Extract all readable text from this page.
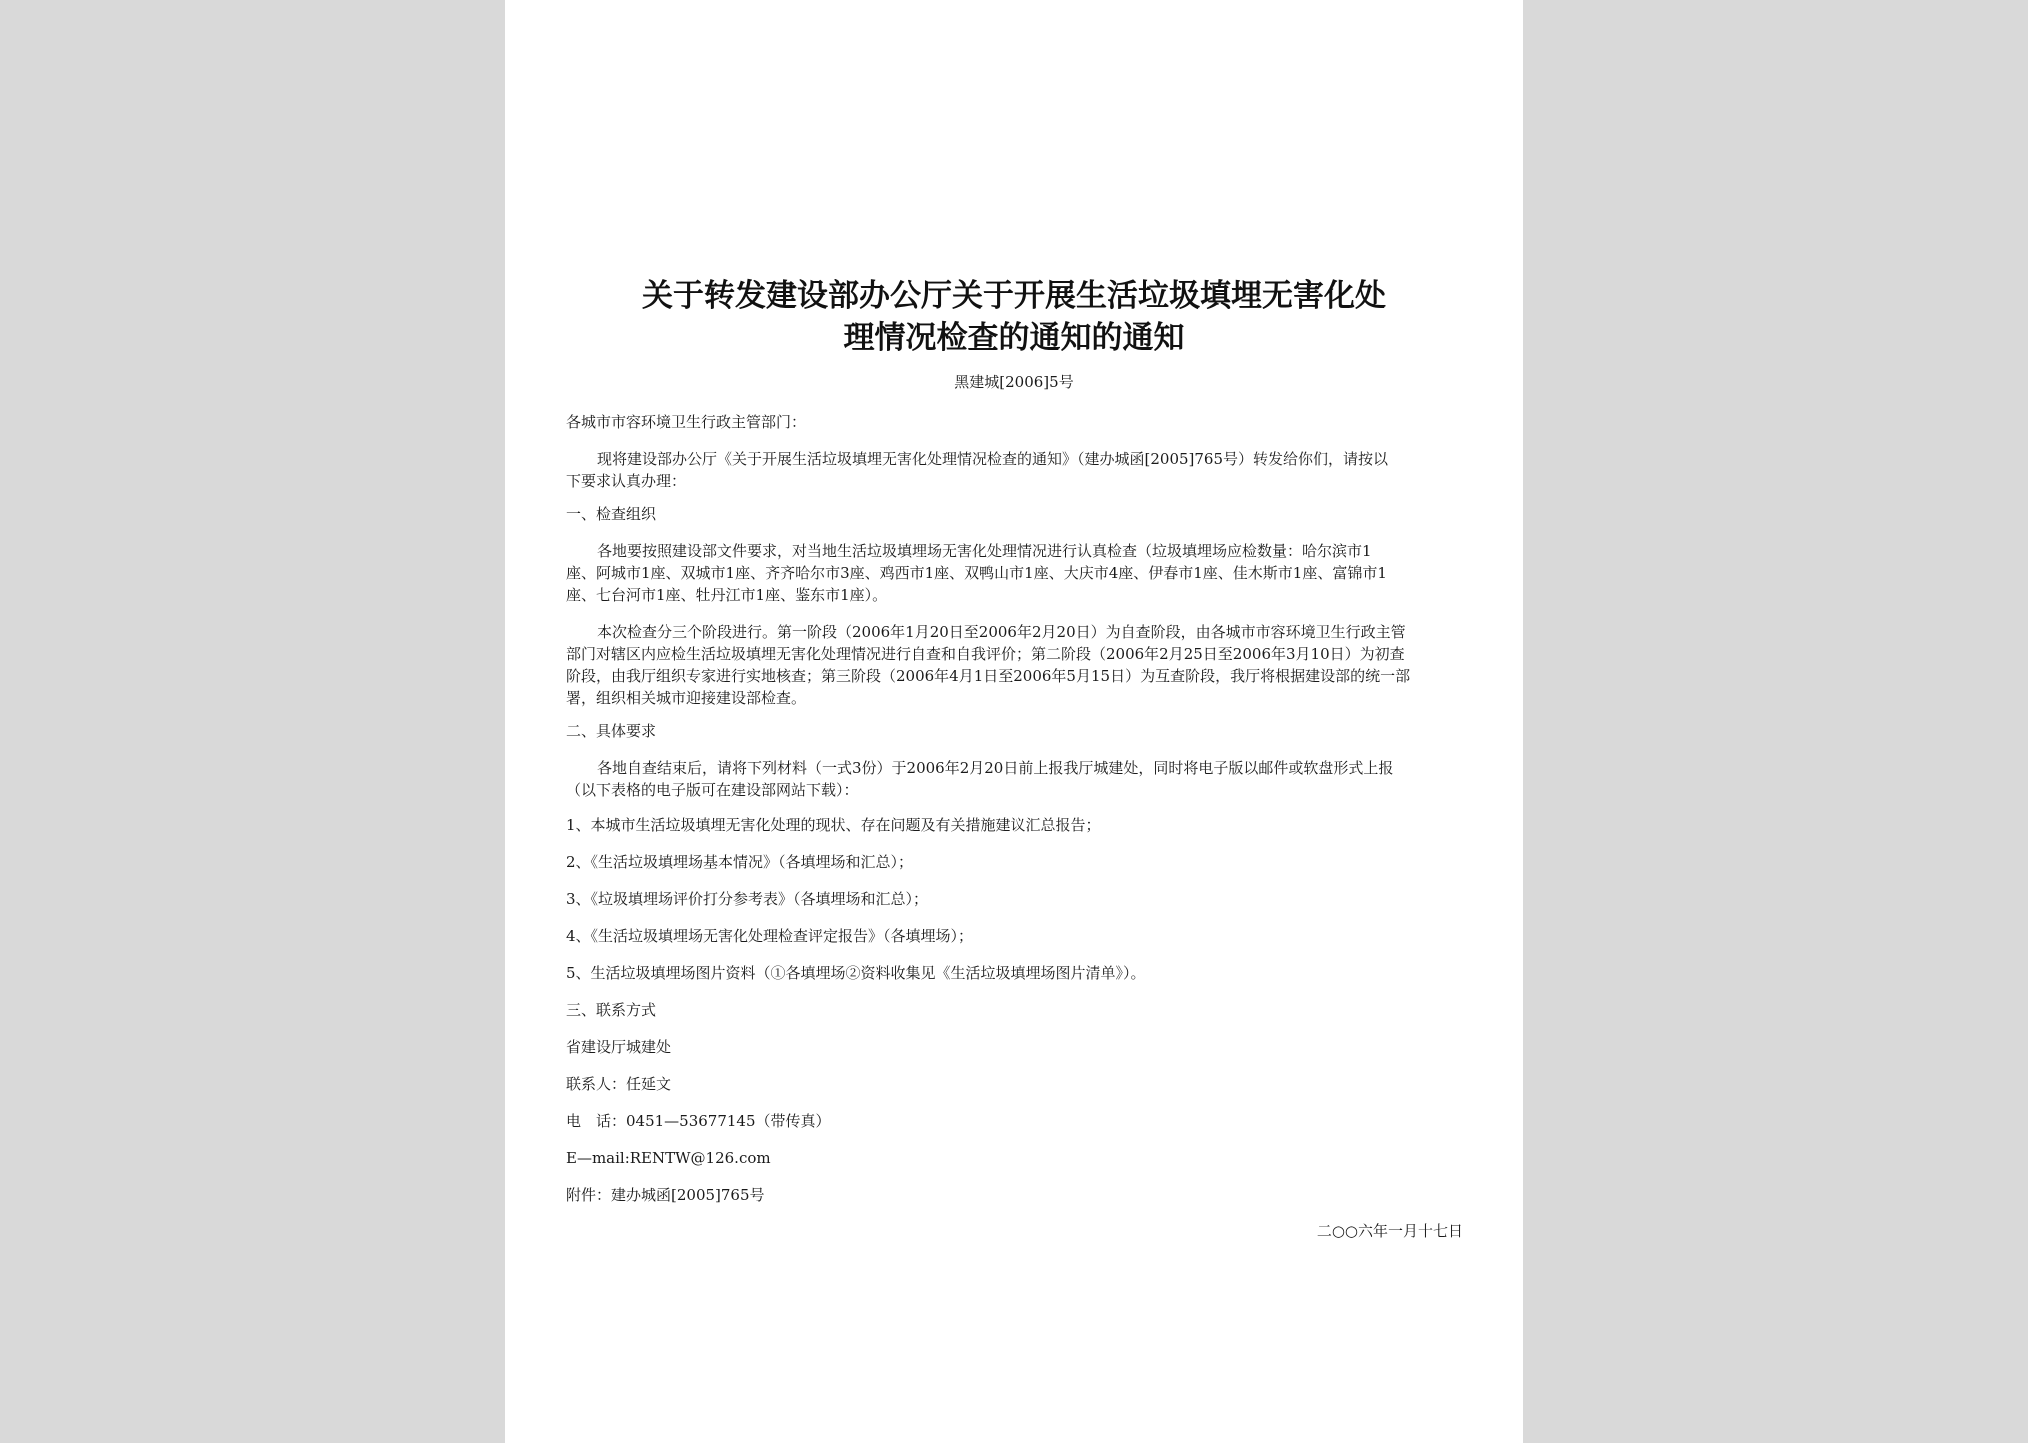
关于转发建设部办公厅关于开展生活垃圾填埋无害化处
理情况检查的通知的通知
黑建城[2006]5号

各城市市容环境卫生行政主管部门：

现将建设部办公厅《关于开展生活垃圾填埋无害化处理情况检查的通知》（建办城函[2005]765号）转发给你们，请按以

下要求认真办理：

一、检查组织

各地要按照建设部文件要求，对当地生活垃圾填埋场无害化处理情况进行认真检查（垃圾填埋场应检数量：哈尔滨市1

座、阿城市1座、双城市1座、齐齐哈尔市3座、鸡西市1座、双鸭山市1座、大庆市4座、伊春市1座、佳木斯市1座、富锦市1

座、七台河市1座、牡丹江市1座、鉴东市1座）。

本次检查分三个阶段进行。第一阶段（2006年1月20日至2006年2月20日）为自查阶段，由各城市市容环境卫生行政主管

部门对辖区内应检生活垃圾填埋无害化处理情况进行自查和自我评价；第二阶段（2006年2月25日至2006年3月10日）为初查

阶段，由我厅组织专家进行实地核查；第三阶段（2006年4月1日至2006年5月15日）为互查阶段，我厅将根据建设部的统一部

署，组织相关城市迎接建设部检查。

二、具体要求

各地自查结束后，请将下列材料（一式3份）于2006年2月20日前上报我厅城建处，同时将电子版以邮件或软盘形式上报

（以下表格的电子版可在建设部网站下载）：

1、本城市生活垃圾填埋无害化处理的现状、存在问题及有关措施建议汇总报告；

2、《生活垃圾填埋场基本情况》（各填埋场和汇总）；

3、《垃圾填埋场评价打分参考表》（各填埋场和汇总）；

4、《生活垃圾填埋场无害化处理检查评定报告》（各填埋场）；

5、生活垃圾填埋场图片资料（①各填埋场②资料收集见《生活垃圾填埋场图片清单》）。

三、联系方式

省建设厅城建处

联系人：任延文

电　话：0451—53677145（带传真）

E—mail:RENTW@126.com

附件：建办城函[2005]765号

二○○六年一月十七日
